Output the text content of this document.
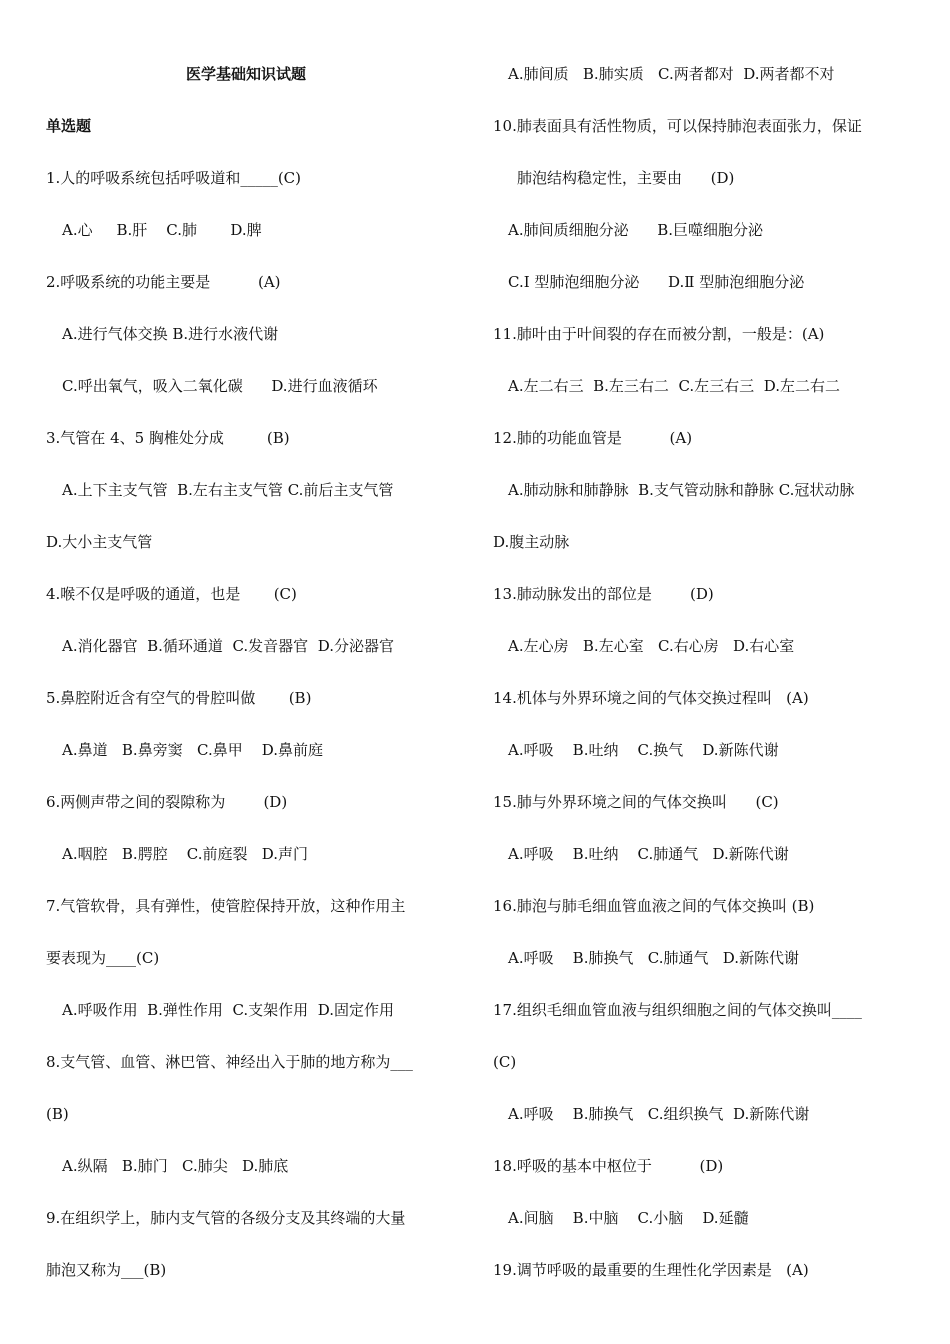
医学基础知识试题
单选题
1.人的呼吸系统包括呼吸道和_____(C)
A.心     B.肝    C.肺       D.脾
2.呼吸系统的功能主要是          (A)
A.进行气体交换 B.进行水液代谢
C.呼出氧气，吸入二氧化碳      D.进行血液循环
3.气管在 4、5 胸椎处分成         (B)
A.上下主支气管  B.左右主支气管 C.前后主支气管
D.大小主支气管
4.喉不仅是呼吸的通道，也是       (C)
A.消化器官  B.循环通道  C.发音器官  D.分泌器官
5.鼻腔附近含有空气的骨腔叫做       (B)
A.鼻道   B.鼻旁窦   C.鼻甲    D.鼻前庭
6.两侧声带之间的裂隙称为        (D)
A.咽腔   B.腭腔    C.前庭裂   D.声门
7.气管软骨，具有弹性，使管腔保持开放，这种作用主
要表现为____(C)
A.呼吸作用  B.弹性作用  C.支架作用  D.固定作用
8.支气管、血管、淋巴管、神经出入于肺的地方称为___
(B)
A.纵隔   B.肺门   C.肺尖   D.肺底
9.在组织学上，肺内支气管的各级分支及其终端的大量
肺泡又称为___(B)
A.肺间质   B.肺实质   C.两者都对  D.两者都不对
10.肺表面具有活性物质，可以保持肺泡表面张力，保证
肺泡结构稳定性，主要由      (D)
A.肺间质细胞分泌      B.巨噬细胞分泌
C.Ⅰ 型肺泡细胞分泌      D.Ⅱ 型肺泡细胞分泌
11.肺叶由于叶间裂的存在而被分割，一般是：(A)
A.左二右三  B.左三右二  C.左三右三  D.左二右二
12.肺的功能血管是          (A)
A.肺动脉和肺静脉  B.支气管动脉和静脉 C.冠状动脉
D.腹主动脉
13.肺动脉发出的部位是        (D)
A.左心房   B.左心室   C.右心房   D.右心室
14.机体与外界环境之间的气体交换过程叫   (A)
A.呼吸    B.吐纳    C.换气    D.新陈代谢
15.肺与外界环境之间的气体交换叫      (C)
A.呼吸    B.吐纳    C.肺通气   D.新陈代谢
16.肺泡与肺毛细血管血液之间的气体交换叫 (B)
A.呼吸    B.肺换气   C.肺通气   D.新陈代谢
17.组织毛细血管血液与组织细胞之间的气体交换叫____
(C)
A.呼吸    B.肺换气   C.组织换气  D.新陈代谢
18.呼吸的基本中枢位于          (D)
A.间脑    B.中脑    C.小脑    D.延髓
19.调节呼吸的最重要的生理性化学因素是   (A)
